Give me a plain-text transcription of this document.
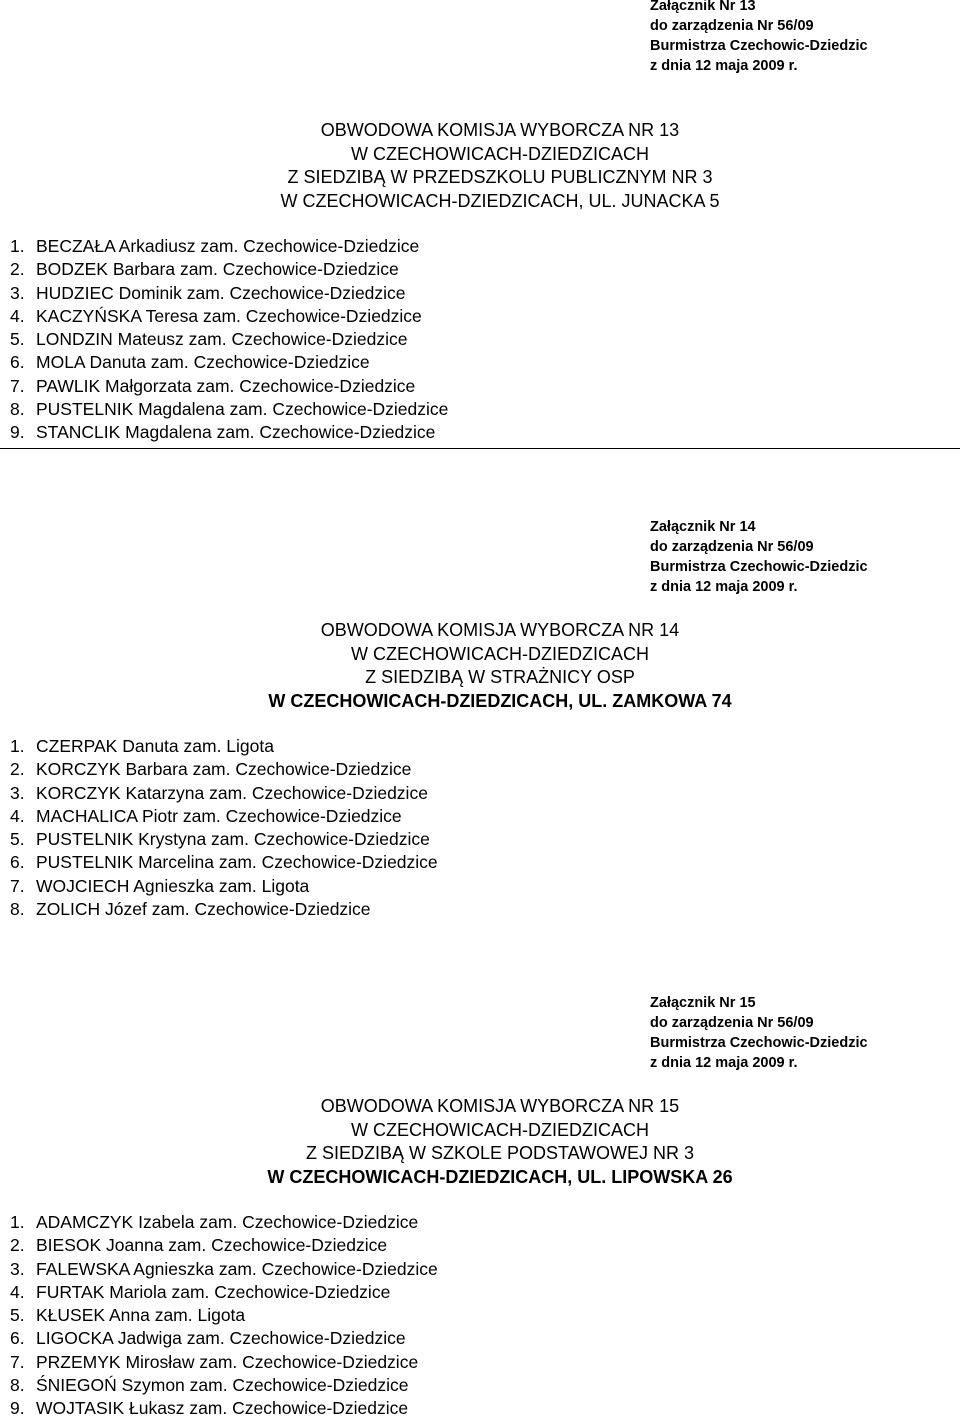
Załącznik Nr 13
do zarządzenia Nr 56/09
Burmistrza Czechowic-Dziedzic
z dnia 12 maja 2009 r.
OBWODOWA KOMISJA WYBORCZA NR 13
W CZECHOWICACH-DZIEDZICACH
Z SIEDZIBĄ W PRZEDSZKOLU PUBLICZNYM NR 3
W CZECHOWICACH-DZIEDZICACH, UL. JUNACKA 5
1. BECZAŁA Arkadiusz zam. Czechowice-Dziedzice
2. BODZEK Barbara zam. Czechowice-Dziedzice
3. HUDZIEC Dominik zam. Czechowice-Dziedzice
4. KACZYŃSKA Teresa zam. Czechowice-Dziedzice
5. LONDZIN Mateusz zam. Czechowice-Dziedzice
6. MOLA Danuta zam. Czechowice-Dziedzice
7. PAWLIK Małgorzata zam. Czechowice-Dziedzice
8. PUSTELNIK Magdalena zam. Czechowice-Dziedzice
9. STANCLIK Magdalena zam. Czechowice-Dziedzice
Załącznik Nr 14
do zarządzenia Nr 56/09
Burmistrza Czechowic-Dziedzic
z dnia 12 maja 2009 r.
OBWODOWA KOMISJA WYBORCZA NR 14
W CZECHOWICACH-DZIEDZICACH
Z SIEDZIBĄ W STRAŻNICY OSP
W CZECHOWICACH-DZIEDZICACH, UL. ZAMKOWA 74
1. CZERPAK Danuta zam. Ligota
2. KORCZYK Barbara zam. Czechowice-Dziedzice
3. KORCZYK Katarzyna zam. Czechowice-Dziedzice
4. MACHALICA Piotr zam. Czechowice-Dziedzice
5. PUSTELNIK Krystyna zam. Czechowice-Dziedzice
6. PUSTELNIK Marcelina zam. Czechowice-Dziedzice
7. WOJCIECH Agnieszka zam. Ligota
8. ZOLICH Józef zam. Czechowice-Dziedzice
Załącznik Nr 15
do zarządzenia Nr 56/09
Burmistrza Czechowic-Dziedzic
z dnia 12 maja 2009 r.
OBWODOWA KOMISJA WYBORCZA NR 15
W CZECHOWICACH-DZIEDZICACH
Z SIEDZIBĄ W SZKOLE PODSTAWOWEJ NR 3
W CZECHOWICACH-DZIEDZICACH, UL. LIPOWSKA 26
1. ADAMCZYK Izabela zam. Czechowice-Dziedzice
2. BIESOK Joanna zam. Czechowice-Dziedzice
3. FALEWSKA Agnieszka zam. Czechowice-Dziedzice
4. FURTAK Mariola zam. Czechowice-Dziedzice
5. KŁUSEK Anna zam. Ligota
6. LIGOCKA Jadwiga zam. Czechowice-Dziedzice
7. PRZEMYK Mirosław zam. Czechowice-Dziedzice
8. ŚNIEGOŃ Szymon zam. Czechowice-Dziedzice
9. WOJTASIK Łukasz zam. Czechowice-Dziedzice
